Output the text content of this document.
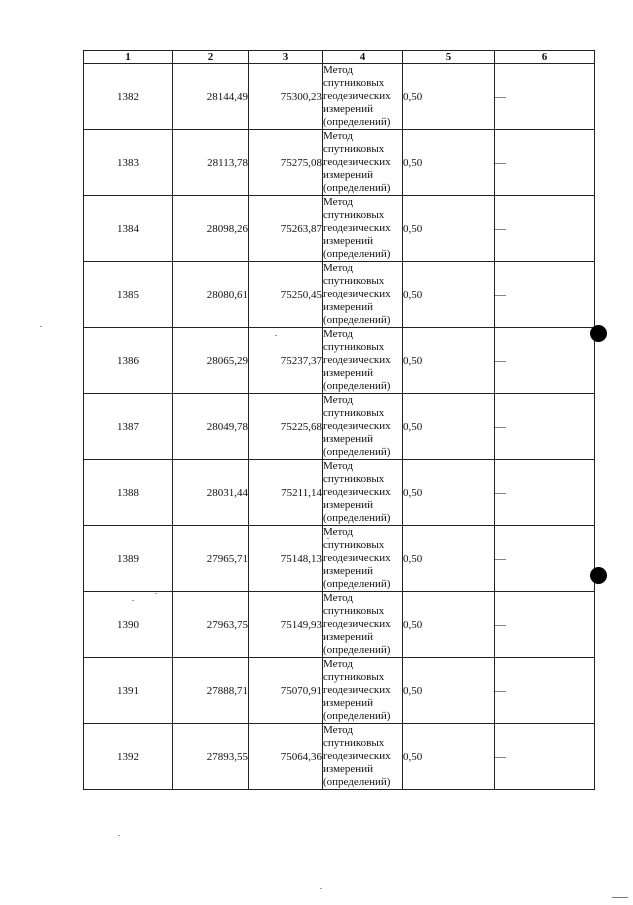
1	2	3	4	5	6
1382	28144,49	75300,23	Метод
спутниковых
геодезических
измерений
(определений)	0,50	—
1383	28113,78	75275,08	Метод
спутниковых
геодезических
измерений
(определений)	0,50	—
1384	28098,26	75263,87	Метод
спутниковых
геодезических
измерений
(определений)	0,50	—
1385	28080,61	75250,45	Метод
спутниковых
геодезических
измерений
(определений)	0,50	—
1386	28065,29	75237,37	Метод
спутниковых
геодезических
измерений
(определений)	0,50	—
1387	28049,78	75225,68	Метод
спутниковых
геодезических
измерений
(определений)	0,50	—
1388	28031,44	75211,14	Метод
спутниковых
геодезических
измерений
(определений)	0,50	—
1389	27965,71	75148,13	Метод
спутниковых
геодезических
измерений
(определений)	0,50	—
1390	27963,75	75149,93	Метод
спутниковых
геодезических
измерений
(определений)	0,50	—
1391	27888,71	75070,91	Метод
спутниковых
геодезических
измерений
(определений)	0,50	—
1392	27893,55	75064,36	Метод
спутниковых
геодезических
измерений
(определений)	0,50	—
